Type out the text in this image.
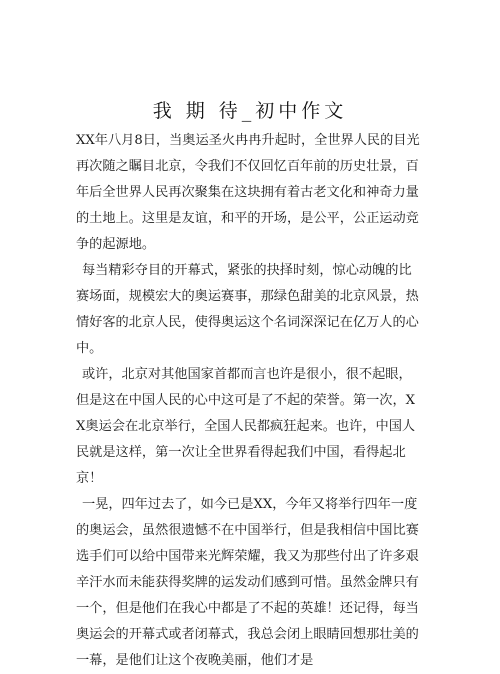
我 期 待_初中作文

XX年八月8日，当奥运圣火冉冉升起时，全世界人民的目光再次随之瞩目北京，令我们不仅回忆百年前的历史壮景，百年后全世界人民再次聚集在这块拥有着古老文化和神奇力量的土地上。这里是友谊，和平的开场，是公平，公正运动竞争的起源地。

每当精彩夺目的开幕式，紧张的抉择时刻，惊心动魄的比赛场面，规模宏大的奥运赛事，那绿色甜美的北京风景，热情好客的北京人民，使得奥运这个名词深深记在亿万人的心中。

或许，北京对其他国家首都而言也许是很小，很不起眼，但是这在中国人民的心中这可是了不起的荣誉。第一次，XX奥运会在北京举行，全国人民都疯狂起来。也许，中国人民就是这样，第一次让全世界看得起我们中国，看得起北京！

一晃，四年过去了，如今已是XX，今年又将举行四年一度的奥运会，虽然很遗憾不在中国举行，但是我相信中国比赛选手们可以给中国带来光辉荣耀，我又为那些付出了许多艰辛汗水而未能获得奖牌的运发动们感到可惜。虽然金牌只有一个，但是他们在我心中都是了不起的英雄！还记得，每当奥运会的开幕式或者闭幕式，我总会闭上眼睛回想那壮美的一幕，是他们让这个夜晚美丽，他们才是
